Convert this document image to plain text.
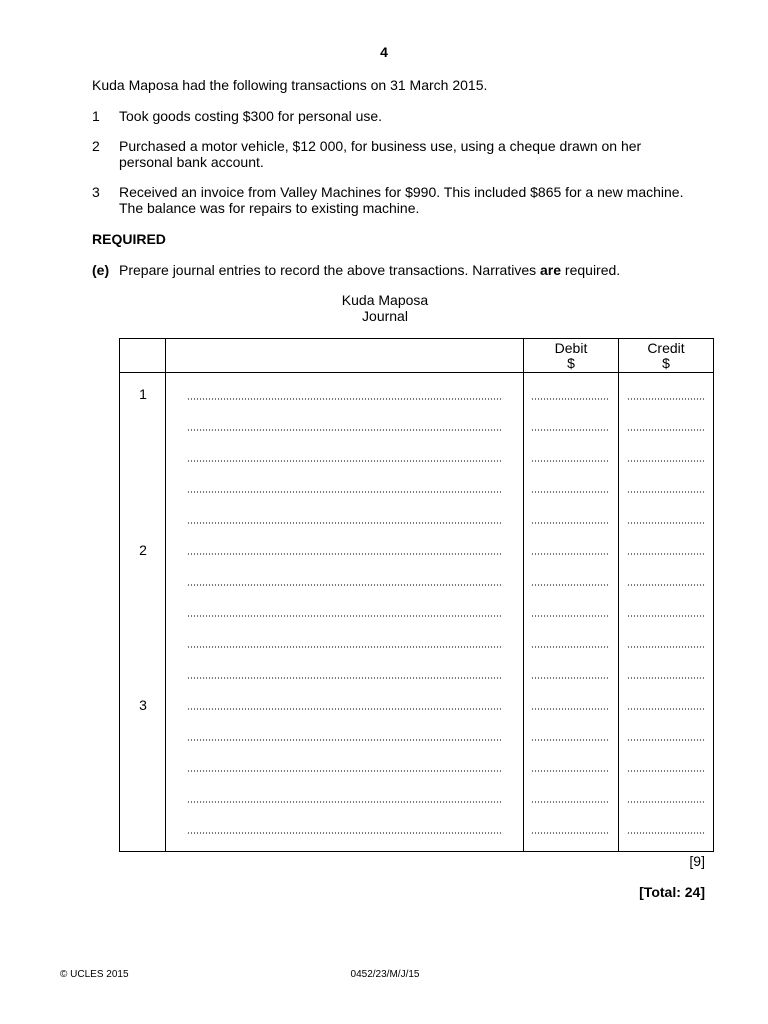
4
Kuda Maposa had the following transactions on 31 March 2015.
1 Took goods costing $300 for personal use.
2 Purchased a motor vehicle, $12 000, for business use, using a cheque drawn on her personal bank account.
3 Received an invoice from Valley Machines for $990. This included $865 for a new machine. The balance was for repairs to existing machine.
REQUIRED
(e) Prepare journal entries to record the above transactions. Narratives are required.
Kuda Maposa
Journal
Debit
$
Credit
$
1
2
3
[9]
[Total: 24]
© UCLES 2015	0452/23/M/J/15
